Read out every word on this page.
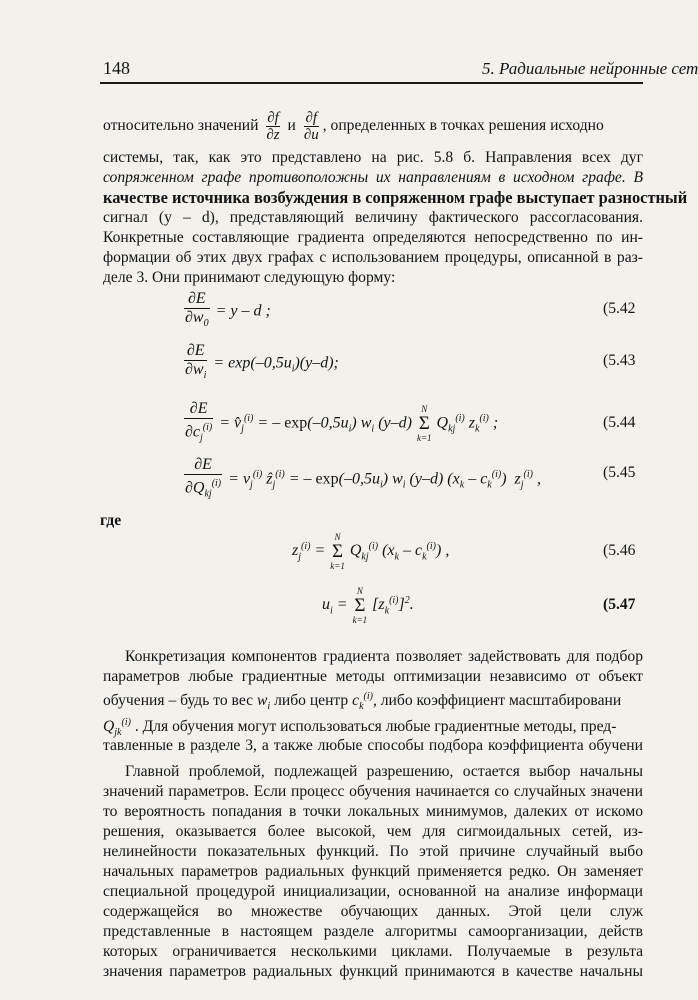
148	5. Радиальные нейронные сет
относительно значений $\frac{\partial f}{\partial z}$ и $\frac{\partial f}{\partial u}$ , определенных в точках решения исходно
системы, так, как это представлено на рис. 5.8 б. Направления всех дуг
сопряженном графе противоположны их направлениям в исходном графе. В
качестве источника возбуждения в сопряженном графе выступает разностный
сигнал (y – d), представляющий величину фактического рассогласования.
Конкретные составляющие градиента определяются непосредственно по ин-
формации об этих двух графах с использованием процедуры, описанной в раз-
деле 3. Они принимают следующую форму:
$\frac{\partial E}{\partial w_0} = y - d$ ;	(5.42
$\frac{\partial E}{\partial w_i} = \exp(-0,5u_i)(y-d)$;	(5.43
$\frac{\partial E}{\partial c_j^{(i)}}$ = $v̂_j^{(i)}$ = – $\exp(-0,5u_i)$ $w_i$ (y–d)
N
Σ
k=1
$Q_{kj}^{(i)}$ $z_k^{(i)}$ ;	(5.44
$\frac{\partial E}{\partial Q_{kj}^{(i)}} = v_j^{(i)}$ ẑ$_j^{(i)}$ = – $\exp(-0,5u_i)$ $w_i$ (y–d) $(x_k - c_k^{(i)})$  $z_j^{(i)}$ ,	(5.45
где
$z_j^{(i)}$ =
N
Σ
k=1
$Q_{kj}^{(i)}$ $(x_k - c_k^{(i)})$ ,	(5.46
$u_i$ =
N
Σ
k=1
$[z_k^{(i)}]^2$.	(5.47
Конкретизация компонентов градиента позволяет задействовать для подбор
параметров любые градиентные методы оптимизации независимо от объект
обучения – будь то вес $w_i$ либо центр $c_k^{(i)}$, либо коэффициент масштабировани
$Q_{jk}^{(i)}$ . Для обучения могут использоваться любые градиентные методы, пред-
тавленные в разделе 3, а также любые способы подбора коэффициента обучени
Главной проблемой, подлежащей разрешению, остается выбор начальны
значений параметров. Если процесс обучения начинается со случайных значени
то вероятность попадания в точки локальных минимумов, далеких от искомо
решения, оказывается более высокой, чем для сигмоидальных сетей, из-
нелинейности показательных функций. По этой причине случайный выбо
начальных параметров радиальных функций применяется редко. Он заменяет
специальной процедурой инициализации, основанной на анализе информаци
содержащейся во множестве обучающих данных. Этой цели служ
представленные в настоящем разделе алгоритмы самоорганизации, действ
которых ограничивается несколькими циклами. Получаемые в результа
значения параметров радиальных функций принимаются в качестве начальны
